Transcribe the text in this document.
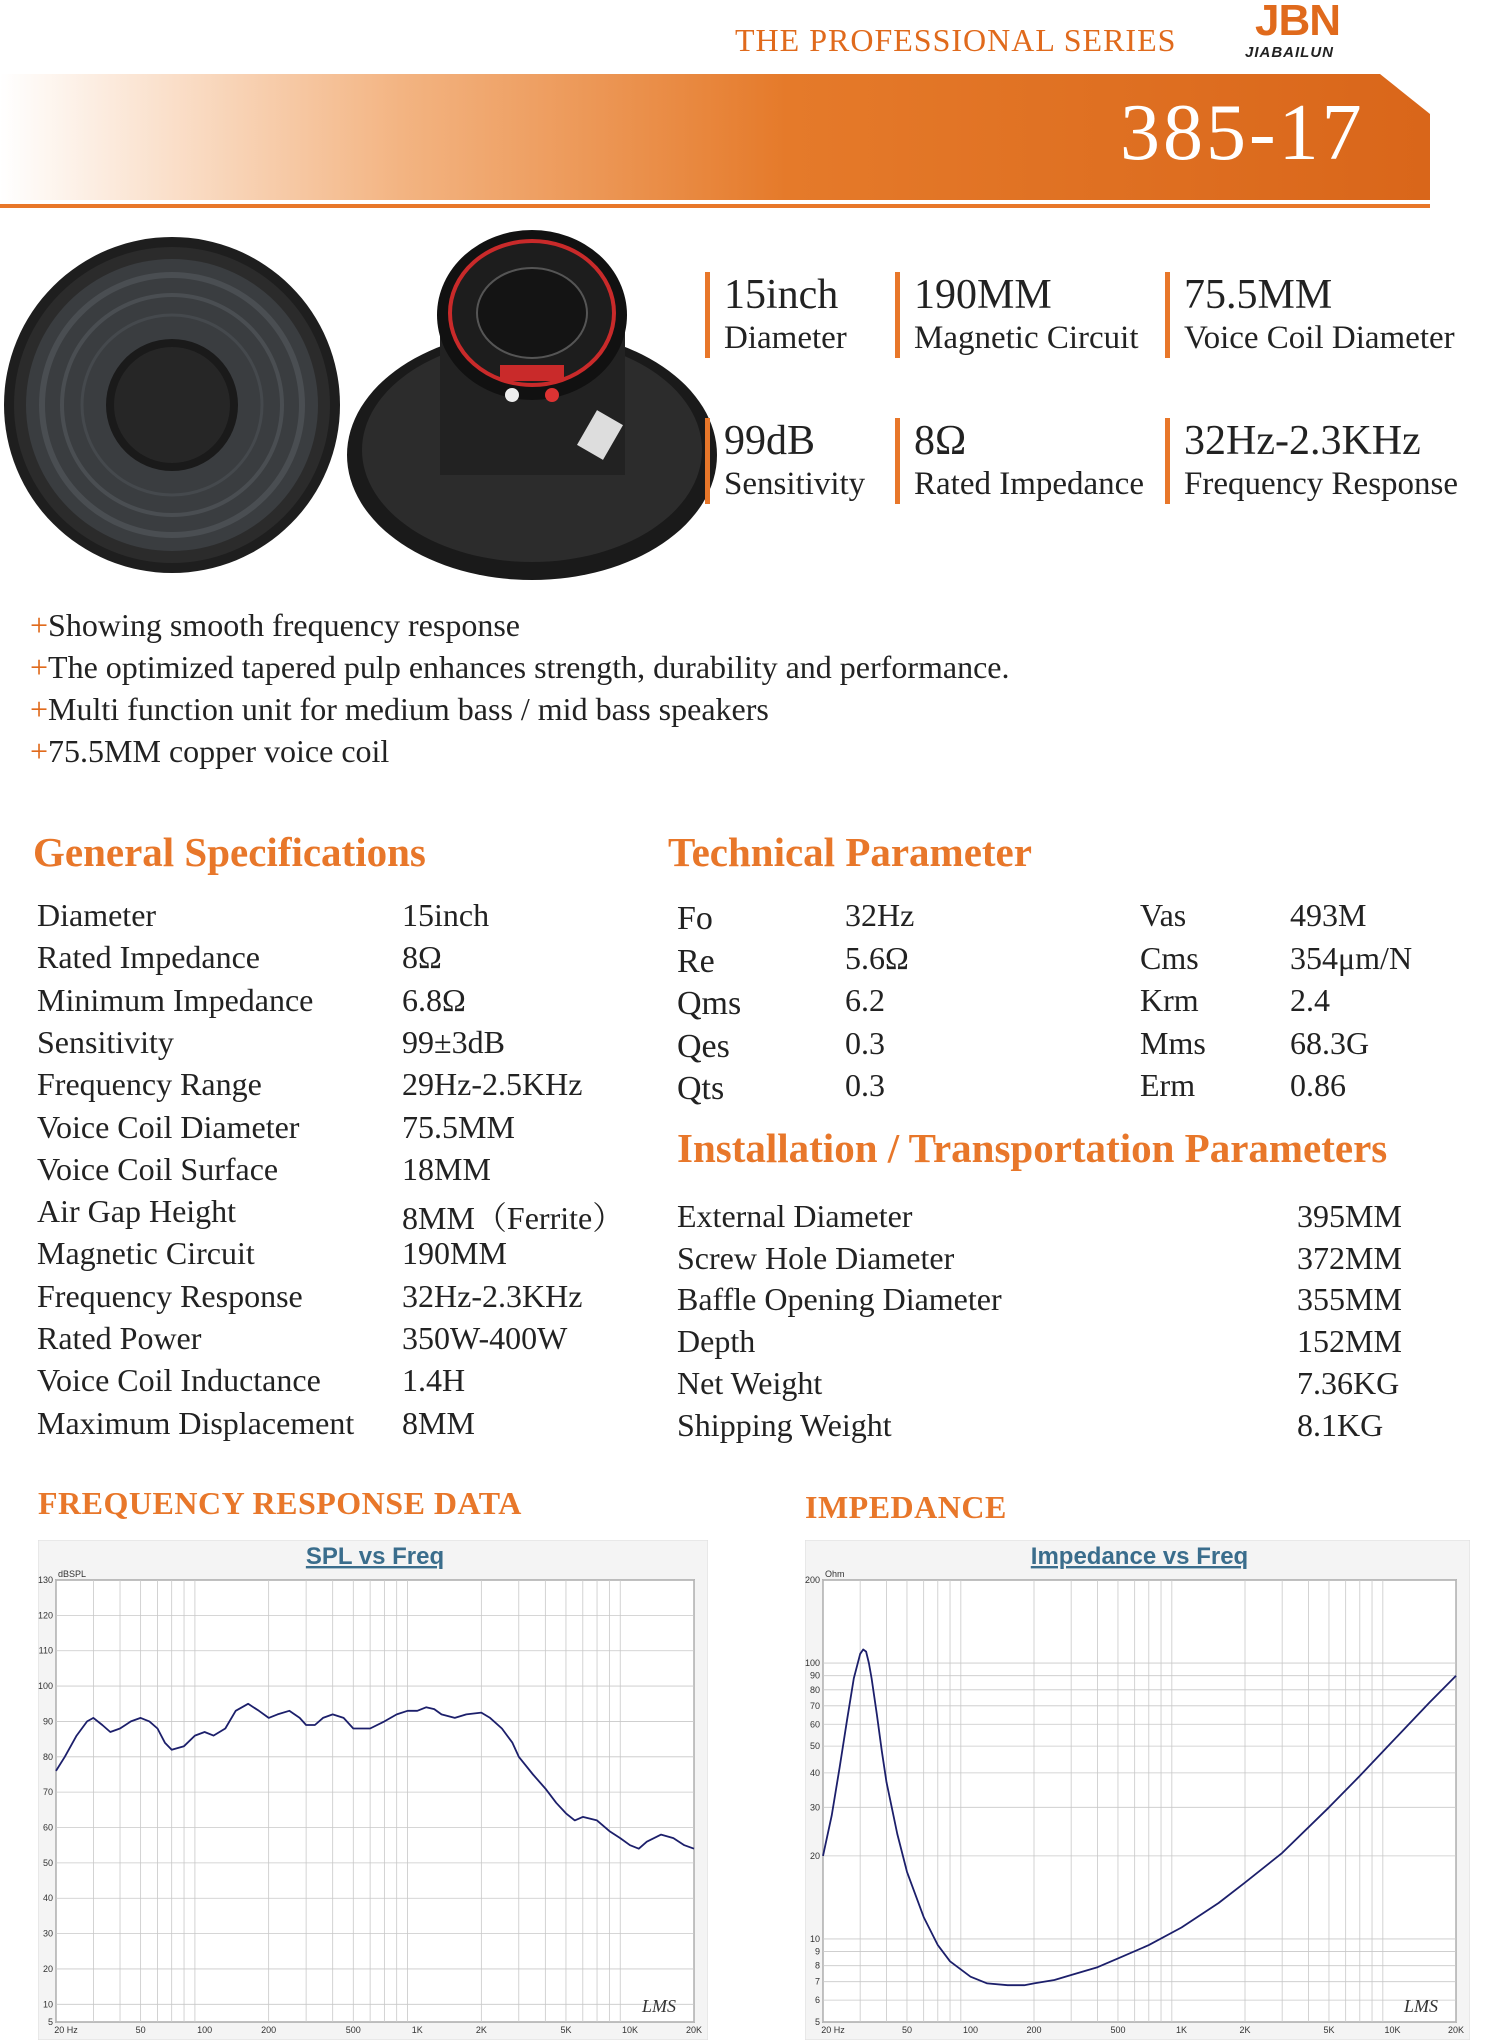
THE PROFESSIONAL SERIES JBN
JIABAILUN
385-17
15inch
Diameter
190MM
Magnetic Circuit
75.5MM
Voice Coil Diameter
99dB
Sensitivity
8Ω
Rated Impedance
32Hz-2.3KHz
Frequency Response
+Showing smooth frequency response
+The optimized tapered pulp enhances strength, durability and performance.
+Multi function unit for medium bass / mid bass speakers
+75.5MM copper voice coil
General Specifications
Diameter	15inch
Rated Impedance	8Ω
Minimum Impedance	6.8Ω
Sensitivity	99±3dB
Frequency Range	29Hz-2.5KHz
Voice Coil Diameter	75.5MM
Voice Coil Surface	18MM
Air Gap Height	8MM（Ferrite）
Magnetic Circuit	190MM
Frequency Response	32Hz-2.3KHz
Rated Power	350W-400W
Voice Coil Inductance	1.4H
Maximum Displacement 8MM
Technical Parameter
Fo	32Hz	Vas	493M
Re	5.6Ω	Cms	354μm/N
Qms	6.2	Krm	2.4
Qes	0.3	Mms	68.3G
Qts	0.3	Erm	0.86
Installation / Transportation Parameters
External Diameter	395MM
Screw Hole Diameter	372MM
Baffle Opening Diameter	355MM
Depth	152MM
Net Weight	7.36KG
Shipping Weight	8.1KG
FREQUENCY RESPONSE DATA	IMPEDANCE
SPL vs Freq
dBSPL
130
120
110
100
90
80
70
60
50
40
30
20
10
5
20 Hz	50	100	200	500	1K	2K	5K	10K	20K
LMS
Impedance vs Freq
Ohm
200
100
90
80
70
60
50
40
30
20
10
9
8
7
6
5
20 Hz	50	100	200	500	1K	2K	5K	10K	20K
LMS
